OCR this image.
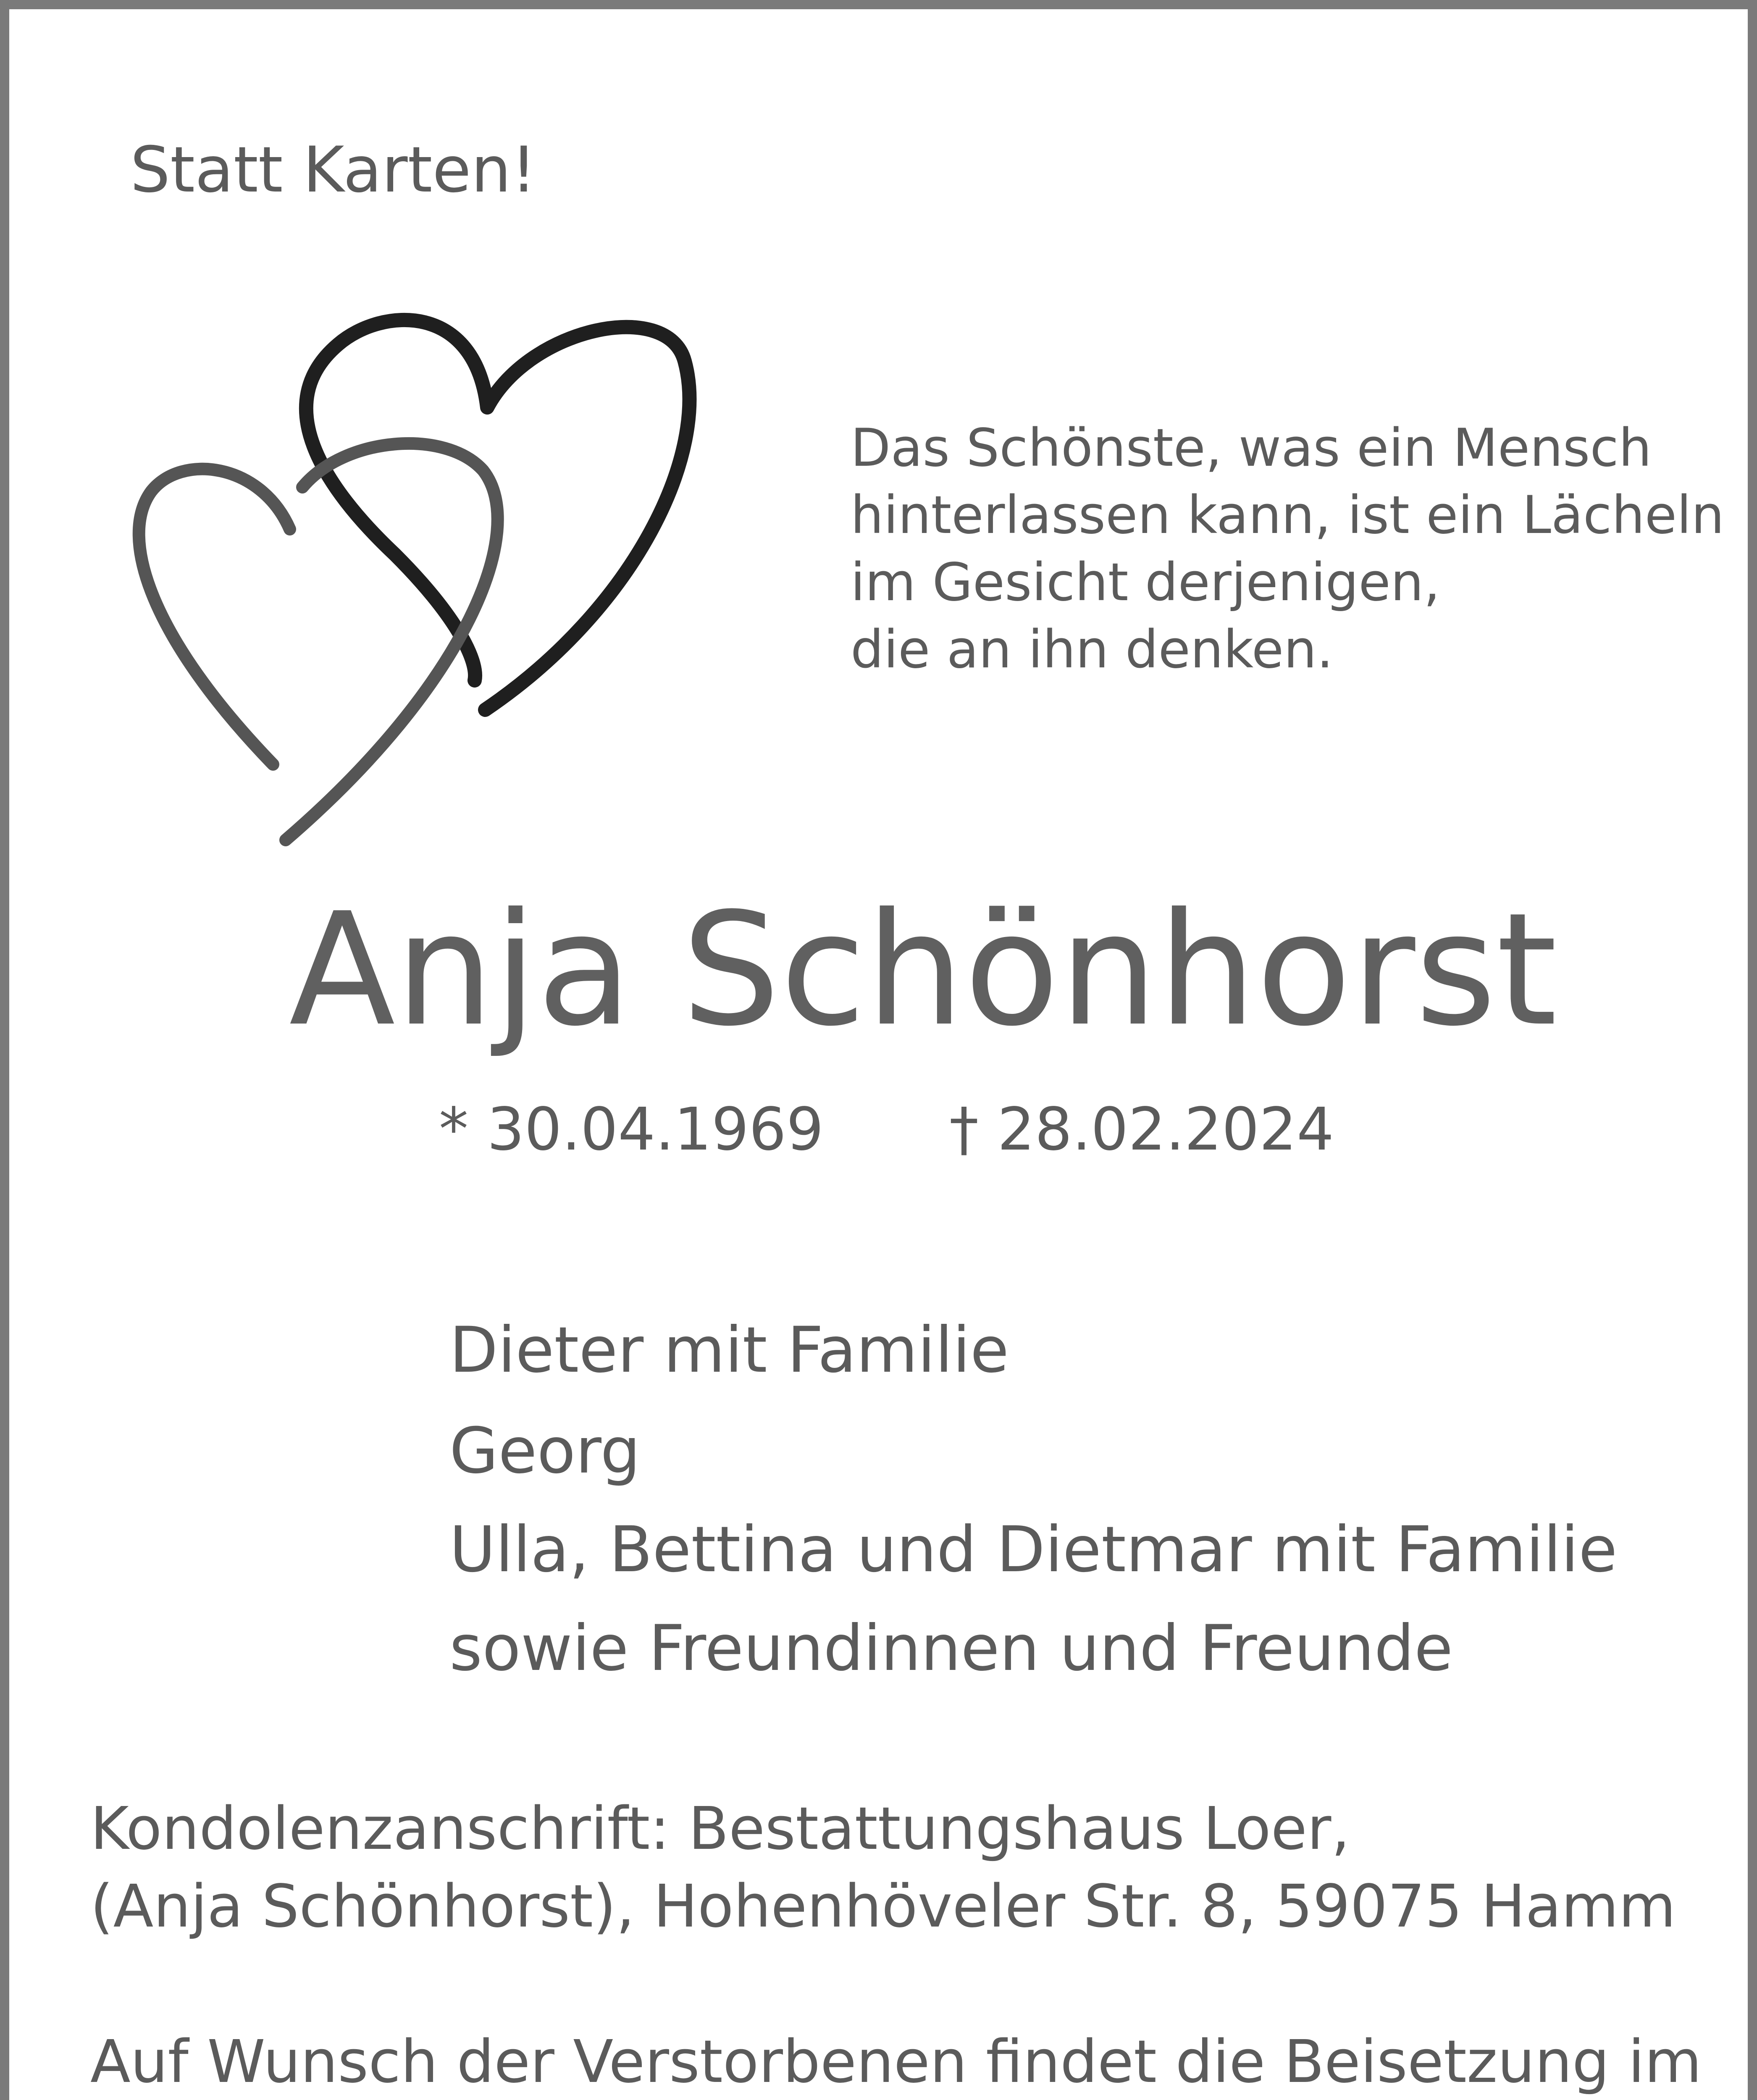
Statt Karten!

Das Schönste, was ein Mensch

hinterlassen kann, ist ein Lächeln

im Gesicht derjenigen,

die an ihn denken.

Anja Schönhorst

* 30.04.1969 † 28.02.2024

Dieter mit Familie

Georg

Ulla, Bettina und Dietmar mit Familie

sowie Freundinnen und Freunde

Kondolenzanschrift: Bestattungshaus Loer,

(Anja Schönhorst), Hohenhöveler Str. 8, 59075 Hamm

Auf Wunsch der Verstorbenen findet die Beisetzung im
